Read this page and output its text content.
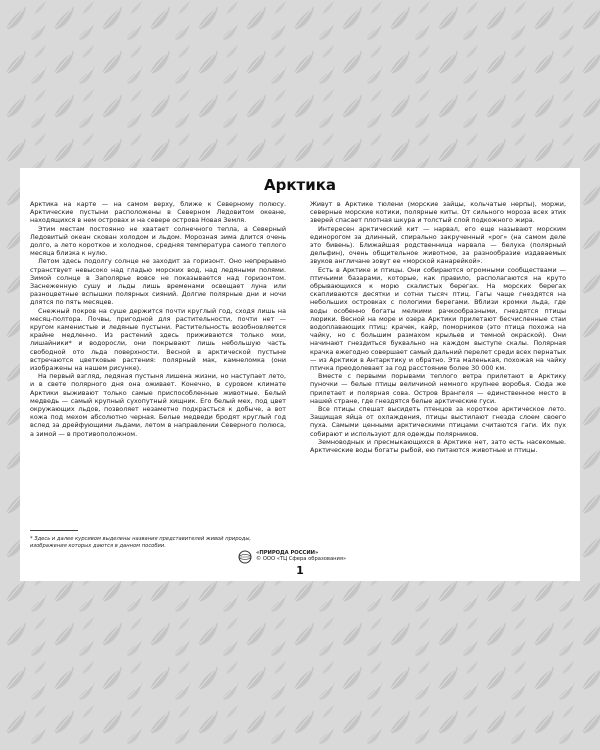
Арктика

Арктика на карте — на самом верху, ближе к Северному полюсу. Арктические пустыни расположены в Северном Ледовитом океане, находящихся в нем островах и на севере острова Новая Земля.

Этим местам постоянно не хватает солнечного тепла, а Северный Ледовитый океан скован холодом и льдом. Морозная зима длится очень долго, а лето короткое и холодное, средняя температура самого теплого месяца близка к нулю.

Летом здесь подолгу солнце не заходит за горизонт. Оно непрерывно странствует невысоко над гладью морских вод, над ледяными полями. Зимой солнце в Заполярье вовсе не показывается над горизонтом. Заснеженную сушу и льды лишь временами освещает луна или разноцветные вспышки полярных сияний. Долгие полярные дни и ночи длятся по пять месяцев.

Снежный покров на суше держится почти круглый год, сходя лишь на месяц-полтора. Почвы, пригодной для растительности, почти нет — кругом каменистые и ледяные пустыни. Растительность возобновляется крайне медленно. Из растений здесь приживаются только мхи, лишайники* и водоросли, они покрывают лишь небольшую часть свободной ото льда поверхности. Весной в арктической пустыне встречаются цветковые растения: полярный мак, камнеломка (они изображены на нашем рисунке).

На первый взгляд, ледяная пустыня лишена жизни, но наступает лето, и в свете полярного дня она оживает. Конечно, в суровом климате Арктики выживают только самые приспособленные животные. Белый медведь — самый крупный сухопутный хищник. Его белый мех, под цвет окружающих льдов, позволяет незаметно подкрасться к добыче, а вот кожа под мехом абсолютно черная. Белые медведи бродят круглый год вслед за дрейфующими льдами, летом в направлении Северного полюса, а зимой — в противоположном.

Живут в Арктике тюлени (морские зайцы, кольчатые нерпы), моржи, северные морские котики, полярные киты. От сильного мороза всех этих зверей спасает плотная шкура и толстый слой подкожного жира.

Интересен арктический кит — нарвал, его еще называют морским единорогом за длинный, спирально закрученный «рог» (на самом деле это бивень). Ближайшая родственница нарвала — белуха (полярный дельфин), очень общительное животное, за разнообразие издаваемых звуков англичане зовут ее «морской канарейкой».

Есть в Арктике и птицы. Они собираются огромными сообществами — птичьими базарами, которые, как правило, располагаются на круто обрывающихся к морю скалистых берегах. На морских берегах скапливаются десятки и сотни тысяч птиц. Гагы чаще гнездятся на небольших островках с пологими берегами. Вблизи кромки льда, где воды особенно богаты мелкими рачкообразными, гнездятся птицы люрики. Весной на море и озера Арктики прилетают бесчисленные стаи водоплавающих птиц: крачек, кайр, поморников (это птица похожа на чайку, но с большим размахом крыльев и темной окраской). Они начинают гнездиться буквально на каждом выступе скалы. Полярная крачка ежегодно совершает самый дальний перелет среди всех пернатых — из Арктики в Антарктику и обратно. Эта маленькая, похожая на чайку птичка преодолевает за год расстояние более 30 000 км.

Вместе с первыми порывами теплого ветра прилетают в Арктику пуночки — белые птицы величиной немного крупнее воробья. Сюда же прилетает и полярная сова. Остров Врангеля — единственное место в нашей стране, где гнездятся белые арктические гуси.

Все птицы спешат высидеть птенцов за короткое арктическое лето. Защищая яйца от охлаждения, птицы выстилают гнезда слоем своего пуха. Самыми ценными арктическими птицами считаются гаги. Их пух собирают и используют для одежды полярников.

Земноводных и пресмыкающихся в Арктике нет, зато есть насекомые. Арктические воды богаты рыбой, ею питаются животные и птицы.

* Здесь и далее курсивом выделены названия представителей живой природы, изображения которых даются в данном пособии.
«ПРИРОДА РОССИИ»
© ООО «ТЦ Сфера образования»
1
